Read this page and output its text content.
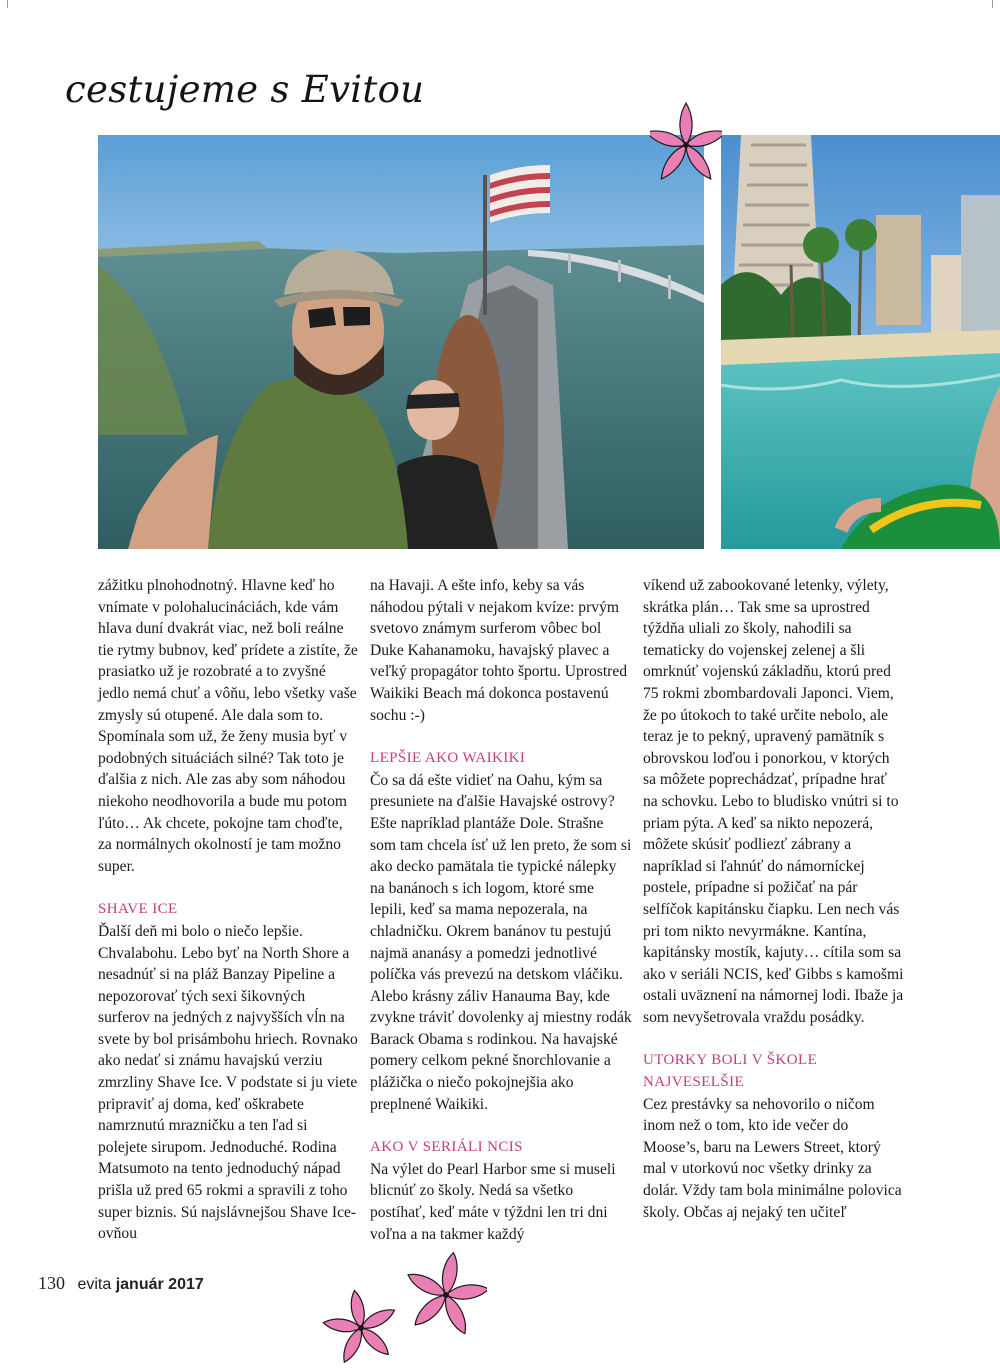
cestujeme s Evitou

zážitku plnohodnotný. Hlavne keď ho vnímate v polohalucináciách, kde vám hlava duní dvakrát viac, než boli reálne tie rytmy bubnov, keď prídete a zistíte, že prasiatko už je rozobraté a to zvyšné jedlo nemá chuť a vôňu, lebo všetky vaše zmysly sú otupené. Ale dala som to. Spomínala som už, že ženy musia byť v podobných situáciách silné? Tak toto je ďalšia z nich. Ale zas aby som náhodou niekoho neodhovorila a bude mu potom ľúto… Ak chcete, pokojne tam choďte, za normálnych okolností je tam možno super.

SHAVE ICE

Ďalší deň mi bolo o niečo lepšie. Chvalabohu. Lebo byť na North Shore a nesadnúť si na pláž Banzay Pipeline a nepozorovať tých sexi šikovných surferov na jedných z najvyšších vĺn na svete by bol prisámbohu hriech. Rovnako ako nedať si známu havajskú verziu zmrzliny Shave Ice. V podstate si ju viete pripraviť aj doma, keď oškrabete namrznutú mrazničku a ten ľad si polejete sirupom. Jednoduché. Rodina Matsumoto na tento jednoduchý nápad prišla už pred 65 rokmi a spravili z toho super biznis. Sú najslávnejšou Shave Ice-ovňou

na Havaji. A ešte info, keby sa vás náhodou pýtali v nejakom kvíze: prvým svetovo známym surferom vôbec bol Duke Kahanamoku, havajský plavec a veľký propagátor tohto športu. Uprostred Waikiki Beach má dokonca postavenú sochu :-)

LEPŠIE AKO WAIKIKI

Čo sa dá ešte vidieť na Oahu, kým sa presuniete na ďalšie Havajské ostrovy? Ešte napríklad plantáže Dole. Strašne som tam chcela ísť už len preto, že som si ako decko pamätala tie typické nálepky na banánoch s ich logom, ktoré sme lepili, keď sa mama nepozerala, na chladničku. Okrem banánov tu pestujú najmä ananásy a pomedzi jednotlivé políčka vás prevezú na detskom vláčiku. Alebo krásny záliv Hanauma Bay, kde zvykne tráviť dovolenky aj miestny rodák Barack Obama s rodinkou. Na havajské pomery celkom pekné šnorchlovanie a plážička o niečo pokojnejšia ako preplnené Waikiki.

AKO V SERIÁLI NCIS

Na výlet do Pearl Harbor sme si museli blicnúť zo školy. Nedá sa všetko postíhať, keď máte v týždni len tri dni voľna a na takmer každý

víkend už zabookované letenky, výlety, skrátka plán… Tak sme sa uprostred týždňa uliali zo školy, nahodili sa tematicky do vojenskej zelenej a šli omrknúť vojenskú základňu, ktorú pred 75 rokmi zbombardovali Japonci. Viem, že po útokoch to také určite nebolo, ale teraz je to pekný, upravený pamätník s obrovskou loďou i ponorkou, v ktorých sa môžete poprechádzať, prípadne hrať na schovku. Lebo to bludisko vnútri si to priam pýta. A keď sa nikto nepozerá, môžete skúsiť podliezť zábrany a napríklad si ľahnúť do námorníckej postele, prípadne si požičať na pár selfíčok kapitánsku čiapku. Len nech vás pri tom nikto nevyrmákne. Kantína, kapitánsky mostík, kajuty… cítila som sa ako v seriáli NCIS, keď Gibbs s kamošmi ostali uväznení na námornej lodi. Ibaže ja som nevyšetrovala vraždu posádky.

UTORKY BOLI V ŠKOLE NAJVESELŠIE

Cez prestávky sa nehovorilo o ničom inom než o tom, kto ide večer do Moose’s, baru na Lewers Street, ktorý mal v utorkovú noc všetky drinky za dolár. Vždy tam bola minimálne polovica školy. Občas aj nejaký ten učiteľ

130 evita január 2017
